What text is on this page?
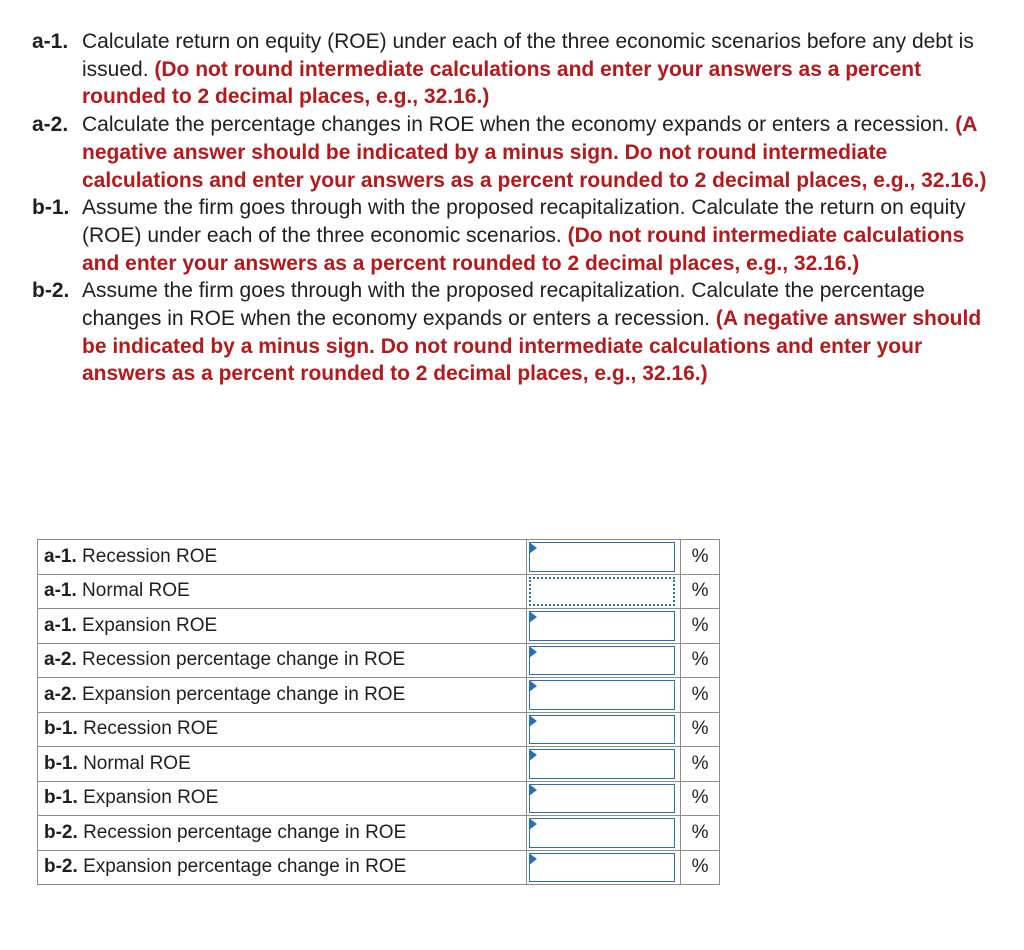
a-1. Calculate return on equity (ROE) under each of the three economic scenarios before any debt is issued. (Do not round intermediate calculations and enter your answers as a percent rounded to 2 decimal places, e.g., 32.16.)
a-2. Calculate the percentage changes in ROE when the economy expands or enters a recession. (A negative answer should be indicated by a minus sign. Do not round intermediate calculations and enter your answers as a percent rounded to 2 decimal places, e.g., 32.16.)
b-1. Assume the firm goes through with the proposed recapitalization. Calculate the return on equity (ROE) under each of the three economic scenarios. (Do not round intermediate calculations and enter your answers as a percent rounded to 2 decimal places, e.g., 32.16.)
b-2. Assume the firm goes through with the proposed recapitalization. Calculate the percentage changes in ROE when the economy expands or enters a recession. (A negative answer should be indicated by a minus sign. Do not round intermediate calculations and enter your answers as a percent rounded to 2 decimal places, e.g., 32.16.)
a-1. Recession ROE		%
a-1. Normal ROE		%
a-1. Expansion ROE		%
a-2. Recession percentage change in ROE		%
a-2. Expansion percentage change in ROE		%
b-1. Recession ROE		%
b-1. Normal ROE		%
b-1. Expansion ROE		%
b-2. Recession percentage change in ROE		%
b-2. Expansion percentage change in ROE		%
